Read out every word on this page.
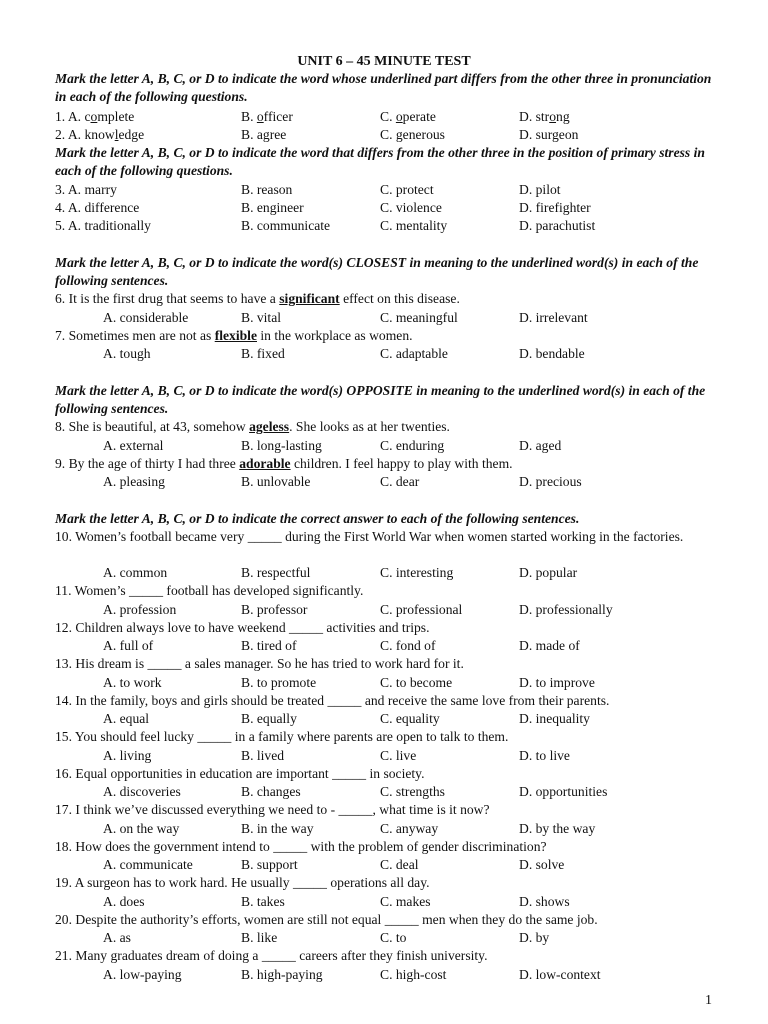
UNIT 6 – 45 MINUTE TEST
Mark the letter A, B, C, or D to indicate the word whose underlined part differs from the other three in pronunciation in each of the following questions.
1. A. complete	B. officer	C. operate	D. strong
2. A. knowledge	B. agree	C. generous	D. surgeon
Mark the letter A, B, C, or D to indicate the word that differs from the other three in the position of primary stress in each of the following questions.
3. A. marry	B. reason	C. protect	D. pilot
4. A. difference	B. engineer	C. violence	D. firefighter
5. A. traditionally	B. communicate	C. mentality	D. parachutist
Mark the letter A, B, C, or D to indicate the word(s) CLOSEST in meaning to the underlined word(s) in each of the following sentences.
6. It is the first drug that seems to have a significant effect on this disease.
A. considerable	B. vital	C. meaningful	D. irrelevant
7. Sometimes men are not as flexible in the workplace as women.
A. tough	B. fixed	C. adaptable	D. bendable
Mark the letter A, B, C, or D to indicate the word(s) OPPOSITE in meaning to the underlined word(s) in each of the following sentences.
8. She is beautiful, at 43, somehow ageless. She looks as at her twenties.
A. external	B. long-lasting	C. enduring	D. aged
9. By the age of thirty I had three adorable children. I feel happy to play with them.
A. pleasing	B. unlovable	C. dear	D. precious
Mark the letter A, B, C, or D to indicate the correct answer to each of the following sentences.
10. Women’s football became very _____ during the First World War when women started working in the factories.
A. common	B. respectful	C. interesting	D. popular
11. Women’s _____ football has developed significantly.
A. profession	B. professor	C. professional	D. professionally
12. Children always love to have weekend _____ activities and trips.
A. full of	B. tired of	C. fond of	D. made of
13. His dream is _____ a sales manager. So he has tried to work hard for it.
A. to work	B. to promote	C. to become	D. to improve
14. In the family, boys and girls should be treated _____ and receive the same love from their parents.
A. equal	B. equally	C. equality	D. inequality
15. You should feel lucky _____ in a family where parents are open to talk to them.
A. living	B. lived	C. live	D. to live
16. Equal opportunities in education are important _____ in society.
A. discoveries	B. changes	C. strengths	D. opportunities
17. I think we’ve discussed everything we need to - _____, what time is it now?
A. on the way	B. in the way	C. anyway	D. by the way
18. How does the government intend to _____ with the problem of gender discrimination?
A. communicate	B. support	C. deal	D. solve
19. A surgeon has to work hard. He usually _____ operations all day.
A. does	B. takes	C. makes	D. shows
20. Despite the authority’s efforts, women are still not equal _____ men when they do the same job.
A. as	B. like	C. to	D. by
21. Many graduates dream of doing a _____ careers after they finish university.
A. low-paying	B. high-paying	C. high-cost	D. low-context
1
